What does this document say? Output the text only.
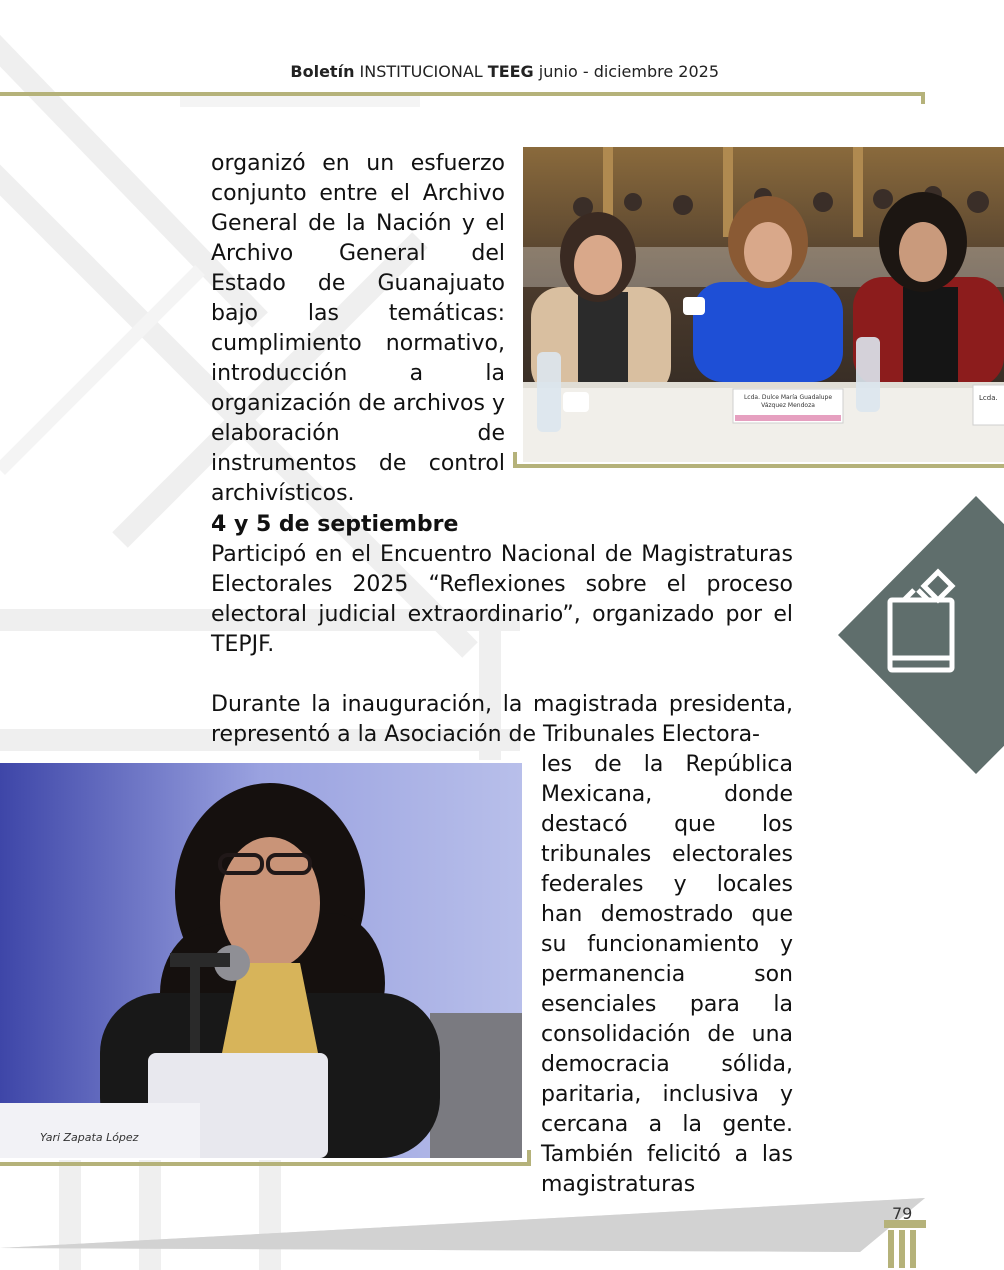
Boletín INSTITUCIONAL TEEG junio - diciembre 2025
Lcda. Dulce María Guadalupe Vázquez Mendoza
Lcda.

organizó en un esfuerzo conjunto entre el Archivo General de la Nación y el Archivo General del Estado de Guanajuato bajo las temáticas: cumplimiento normativo, introducción a la organización de archivos y elaboración de instrumentos de control archivísticos.

4 y 5 de septiembre

Participó en el Encuentro Nacional de Magistraturas Electorales 2025 “Reflexiones sobre el proceso electoral judicial extraordinario”, organizado por el TEPJF.

Durante la inauguración, la magistrada presidenta, representó a la Asociación de Tribunales Electora-

les de la República Mexicana, donde destacó que los tribunales electorales federales y locales han demostrado que su funcionamiento y permanencia son esenciales para la consolidación de una democracia sólida, paritaria, inclusiva y cercana a la gente. También felicitó a las magistraturas

Yari Zapata López
79
